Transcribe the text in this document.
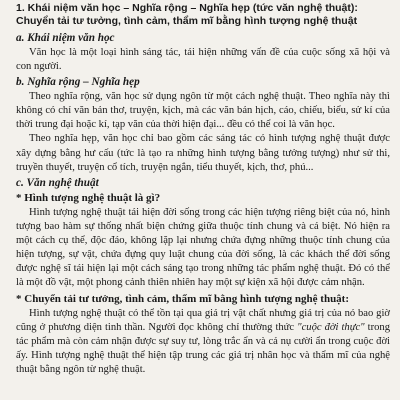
1. Khái niệm văn học – Nghĩa rộng – Nghĩa hẹp (tức văn nghệ thuật): Chuyển tải tư tưởng, tình cảm, thẩm mĩ bằng hình tượng nghệ thuật
a. Khái niệm văn học

Văn học là một loại hình sáng tác, tái hiện những vấn đề của cuộc sống xã hội và con người.

b. Nghĩa rộng – Nghĩa hẹp

Theo nghĩa rộng, văn học sử dụng ngôn từ một cách nghệ thuật. Theo nghĩa này thì không có chỉ văn bản thơ, truyện, kịch, mà các văn bản hịch, cáo, chiếu, biểu, sử kí của thời trung đại hoặc kí, tạp văn của thời hiện đại... đều có thể coi là văn học.

Theo nghĩa hẹp, văn học chỉ bao gồm các sáng tác có hình tượng nghệ thuật được xây dựng bằng hư cấu (tức là tạo ra những hình tượng bằng tưởng tượng) như sử thi, truyền thuyết, truyện cổ tích, truyện ngắn, tiểu thuyết, kịch, thơ, phú...

c. Văn nghệ thuật
* Hình tượng nghệ thuật là gì?

Hình tượng nghệ thuật tái hiện đời sống trong các hiện tượng riêng biệt của nó, hình tượng bao hàm sự thống nhất biện chứng giữa thuộc tính chung và cá biệt. Nó hiện ra một cách cụ thể, độc đáo, không lặp lại nhưng chứa đựng những thuộc tính chung của hiện tượng, sự vật, chứa đựng quy luật chung của đời sống, là các khách thể đời sống được nghệ sĩ tái hiện lại một cách sáng tạo trong những tác phẩm nghệ thuật. Đó có thể là một đồ vật, một phong cảnh thiên nhiên hay một sự kiện xã hội được cảm nhận.

* Chuyển tải tư tưởng, tình cảm, thẩm mĩ bằng hình tượng nghệ thuật:

Hình tượng nghệ thuật có thể tồn tại qua giá trị vật chất nhưng giá trị của nó bao giờ cũng ở phương diện tinh thần. Người đọc không chỉ thường thức "cuộc đời thực" trong tác phẩm mà còn cảm nhận được sự suy tư, lòng trắc ẩn và cả nụ cười ẩn trong cuộc đời ấy. Hình tượng nghệ thuật thể hiện tập trung các giá trị nhân học và thẩm mĩ của nghệ thuật bằng ngôn từ nghệ thuật.
